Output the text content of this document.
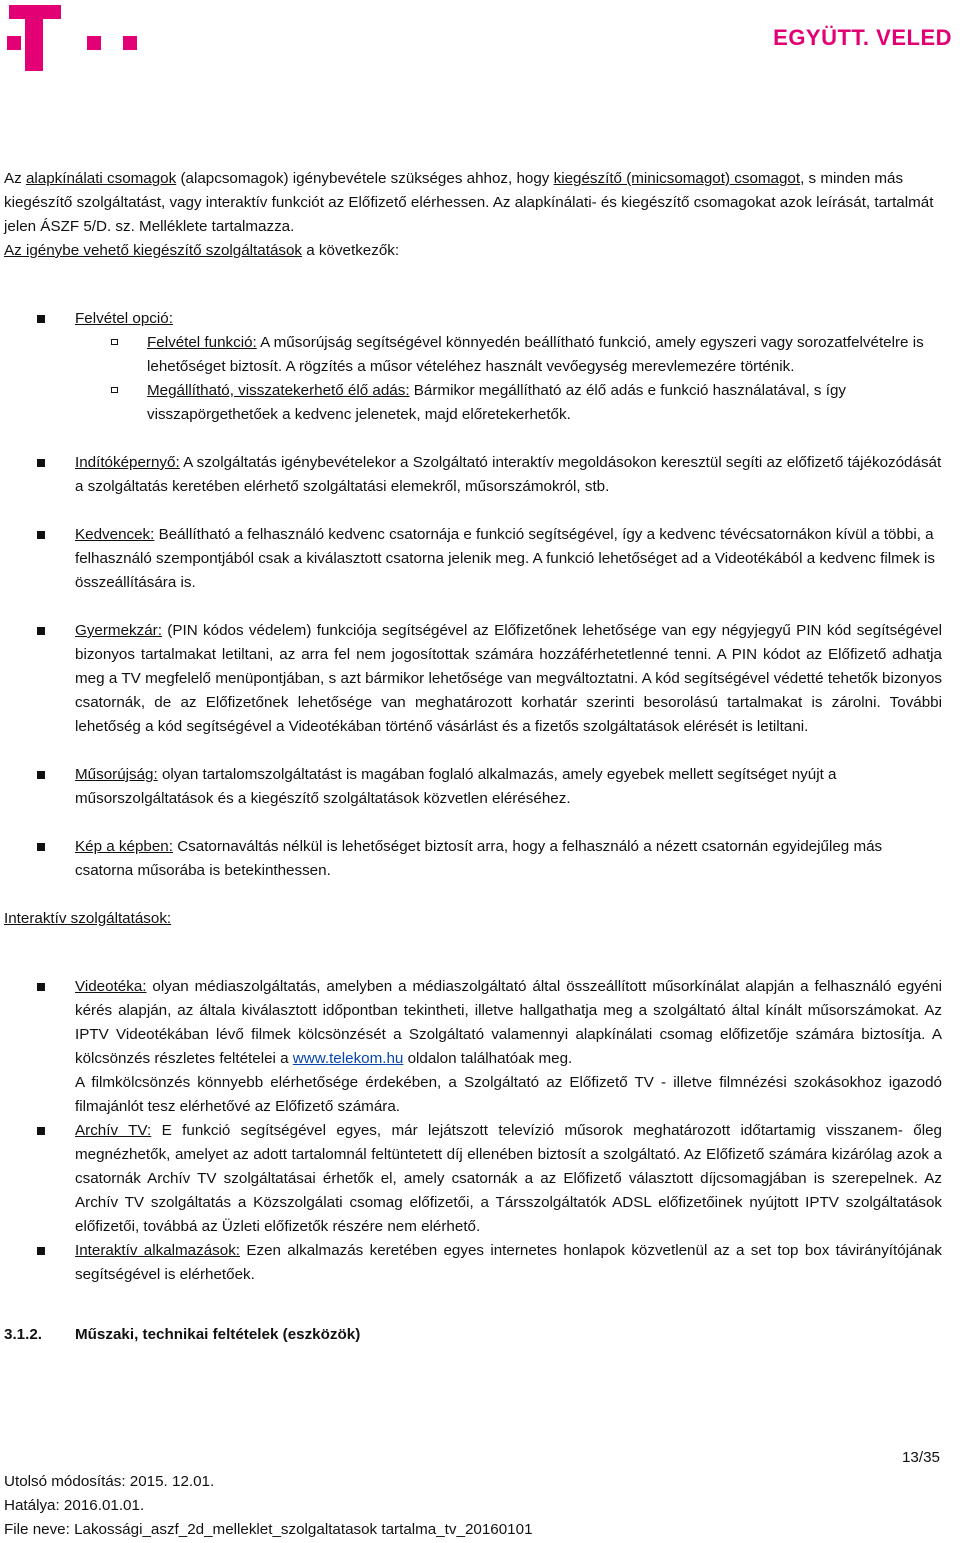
EGYÜTT. VELED

Az alapkínálati csomagok (alapcsomagok) igénybevétele szükséges ahhoz, hogy kiegészítő (minicsomagot) csomagot, s minden más kiegészítő szolgáltatást, vagy interaktív funkciót az Előfizető elérhessen. Az alapkínálati- és kiegészítő csomagokat azok leírását, tartalmát jelen ÁSZF 5/D. sz. Melléklete tartalmazza.

Az igénybe vehető kiegészítő szolgáltatások a következők:

Felvétel opció:

Felvétel funkció: A műsorújság segítségével könnyedén beállítható funkció, amely egyszeri vagy sorozatfelvételre is lehetőséget biztosít. A rögzítés a műsor vételéhez használt vevőegység merevlemezére történik.

Megállítható, visszatekerhető élő adás: Bármikor megállítható az élő adás e funkció használatával, s így visszapörgethetőek a kedvenc jelenetek, majd előretekerhetők.

Indítóképernyő: A szolgáltatás igénybevételekor a Szolgáltató interaktív megoldásokon keresztül segíti az előfizető tájékozódását a szolgáltatás keretében elérhető szolgáltatási elemekről, műsorszámokról, stb.

Kedvencek: Beállítható a felhasználó kedvenc csatornája e funkció segítségével, így a kedvenc tévécsatornákon kívül a többi, a felhasználó szempontjából csak a kiválasztott csatorna jelenik meg. A funkció lehetőséget ad a Videotékából a kedvenc filmek is összeállítására is.

Gyermekzár: (PIN kódos védelem) funkciója segítségével az Előfizetőnek lehetősége van egy négyjegyű PIN kód segítségével bizonyos tartalmakat letiltani, az arra fel nem jogosítottak számára hozzáférhetetlenné tenni. A PIN kódot az Előfizető adhatja meg a TV megfelelő menüpontjában, s azt bármikor lehetősége van megváltoztatni. A kód segítségével védetté tehetők bizonyos csatornák, de az Előfizetőnek lehetősége van meghatározott korhatár szerinti besorolású tartalmakat is zárolni. További lehetőség a kód segítségével a Videotékában történő vásárlást és a fizetős szolgáltatások elérését is letiltani.

Műsorújság: olyan tartalomszolgáltatást is magában foglaló alkalmazás, amely egyebek mellett segítséget nyújt a műsorszolgáltatások és a kiegészítő szolgáltatások közvetlen eléréséhez.

Kép a képben: Csatornaváltás nélkül is lehetőséget biztosít arra, hogy a felhasználó a nézett csatornán egyidejűleg más csatorna műsorába is betekinthessen.

Interaktív szolgáltatások:

Videotéka: olyan médiaszolgáltatás, amelyben a médiaszolgáltató által összeállított műsorkínálat alapján a felhasználó egyéni kérés alapján, az általa kiválasztott időpontban tekintheti, illetve hallgathatja meg a szolgáltató által kínált műsorszámokat. Az IPTV Videotékában lévő filmek kölcsönzését a Szolgáltató valamennyi alapkínálati csomag előfizetője számára biztosítja. A kölcsönzés részletes feltételei a www.telekom.hu oldalon találhatóak meg.

A filmkölcsönzés könnyebb elérhetősége érdekében, a Szolgáltató az Előfizető TV - illetve filmnézési szokásokhoz igazodó filmajánlót tesz elérhetővé az Előfizető számára.

Archív TV: E funkció segítségével egyes, már lejátszott televízió műsorok meghatározott időtartamig visszanem‑ őleg megnézhetők, amelyet az adott tartalomnál feltüntetett díj ellenében biztosít a szolgáltató. Az Előfizető számára kizárólag azok a csatornák Archív TV szolgáltatásai érhetők el, amely csatornák a az Előfizető választott díjcsomagjában is szerepelnek. Az Archív TV szolgáltatás a Közszolgálati csomag előfizetői, a Társszolgáltatók ADSL előfizetőinek nyújtott IPTV szolgáltatások előfizetői, továbbá az Üzleti előfizetők részére nem elérhető.

Interaktív alkalmazások: Ezen alkalmazás keretében egyes internetes honlapok közvetlenül az a set top box távirányítójának segítségével is elérhetőek.

3.1.2. Műszaki, technikai feltételek (eszközök)

13/35
Utolsó módosítás: 2015. 12.01.
Hatálya: 2016.01.01.
File neve: Lakossági_aszf_2d_melleklet_szolgaltatasok tartalma_tv_20160101
